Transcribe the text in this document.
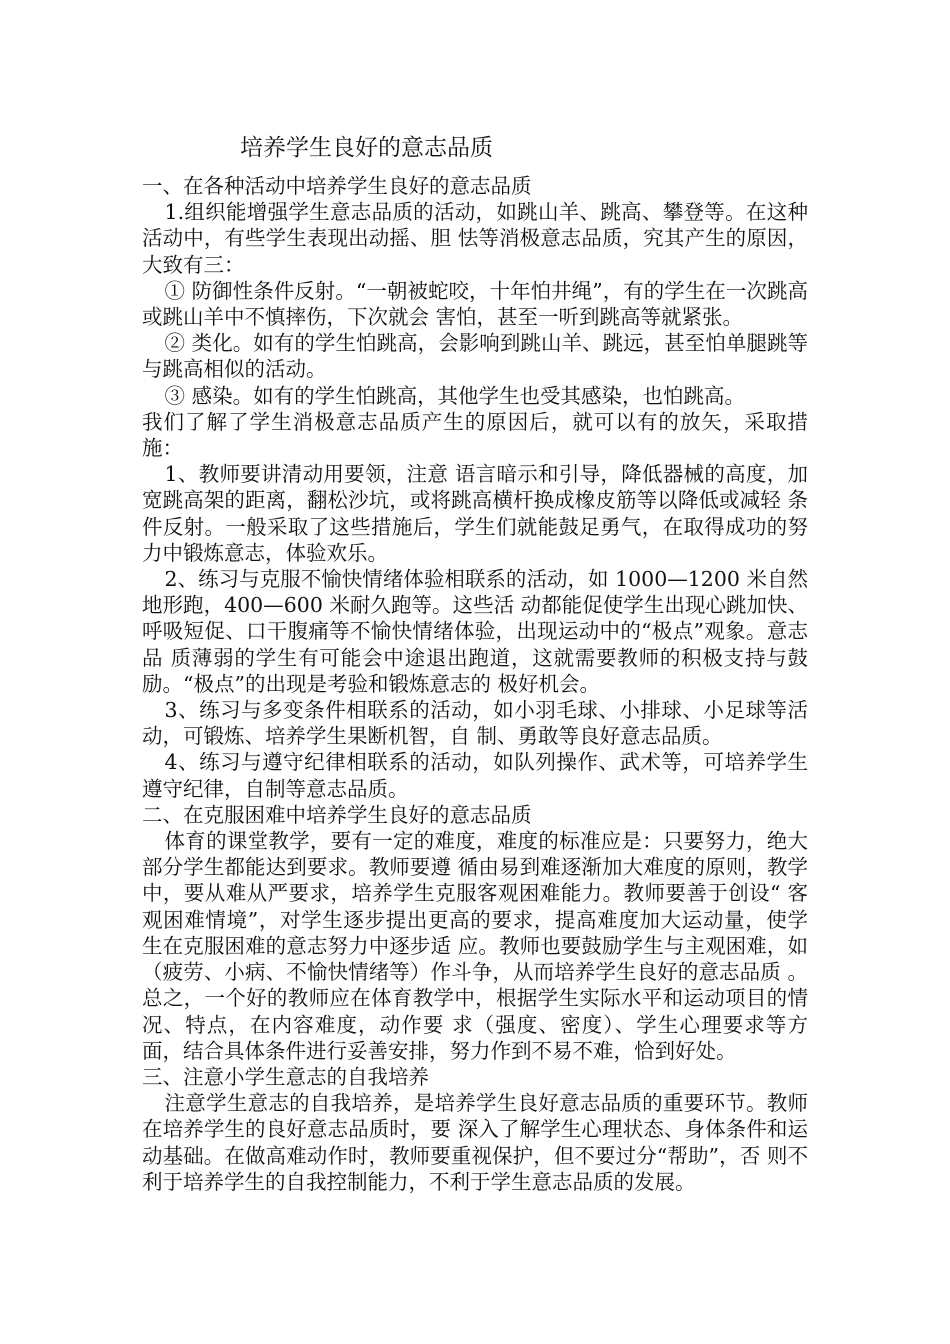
培养学生良好的意志品质

一、在各种活动中培养学生良好的意志品质

1.组织能增强学生意志品质的活动，如跳山羊、跳高、攀登等。在这种活动中，有些学生表现出动摇、胆 怯等消极意志品质，究其产生的原因，大致有三：

① 防御性条件反射。“一朝被蛇咬，十年怕井绳”，有的学生在一次跳高或跳山羊中不慎摔伤，下次就会 害怕，甚至一听到跳高等就紧张。

② 类化。如有的学生怕跳高，会影响到跳山羊、跳远，甚至怕单腿跳等与跳高相似的活动。

③ 感染。如有的学生怕跳高，其他学生也受其感染，也怕跳高。

我们了解了学生消极意志品质产生的原因后，就可以有的放矢，采取措施：

1、教师要讲清动用要领，注意 语言暗示和引导，降低器械的高度，加宽跳高架的距离，翻松沙坑，或将跳高横杆换成橡皮筋等以降低或减轻 条件反射。一般采取了这些措施后，学生们就能鼓足勇气，在取得成功的努力中锻炼意志，体验欢乐。

2、练习与克服不愉快情绪体验相联系的活动，如 1000—1200 米自然地形跑，400—600 米耐久跑等。这些活 动都能促使学生出现心跳加快、呼吸短促、口干腹痛等不愉快情绪体验，出现运动中的“极点”观象。意志品 质薄弱的学生有可能会中途退出跑道，这就需要教师的积极支持与鼓励。“极点”的出现是考验和锻炼意志的 极好机会。

3、练习与多变条件相联系的活动，如小羽毛球、小排球、小足球等活动，可锻炼、培养学生果断机智，自 制、勇敢等良好意志品质。

4、练习与遵守纪律相联系的活动，如队列操作、武术等，可培养学生遵守纪律，自制等意志品质。

二、在克服困难中培养学生良好的意志品质

体育的课堂教学，要有一定的难度，难度的标准应是：只要努力，绝大部分学生都能达到要求。教师要遵 循由易到难逐渐加大难度的原则，教学中，要从难从严要求，培养学生克服客观困难能力。教师要善于创设“ 客观困难情境”，对学生逐步提出更高的要求，提高难度加大运动量，使学生在克服困难的意志努力中逐步适 应。教师也要鼓励学生与主观困难，如（疲劳、小病、不愉快情绪等）作斗争，从而培养学生良好的意志品质 。 总之，一个好的教师应在体育教学中，根据学生实际水平和运动项目的情况、特点，在内容难度，动作要 求（强度、密度）、学生心理要求等方面，结合具体条件进行妥善安排，努力作到不易不难，恰到好处。

三、注意小学生意志的自我培养

注意学生意志的自我培养，是培养学生良好意志品质的重要环节。教师在培养学生的良好意志品质时，要 深入了解学生心理状态、身体条件和运动基础。在做高难动作时，教师要重视保护，但不要过分“帮助”，否 则不利于培养学生的自我控制能力，不利于学生意志品质的发展。
